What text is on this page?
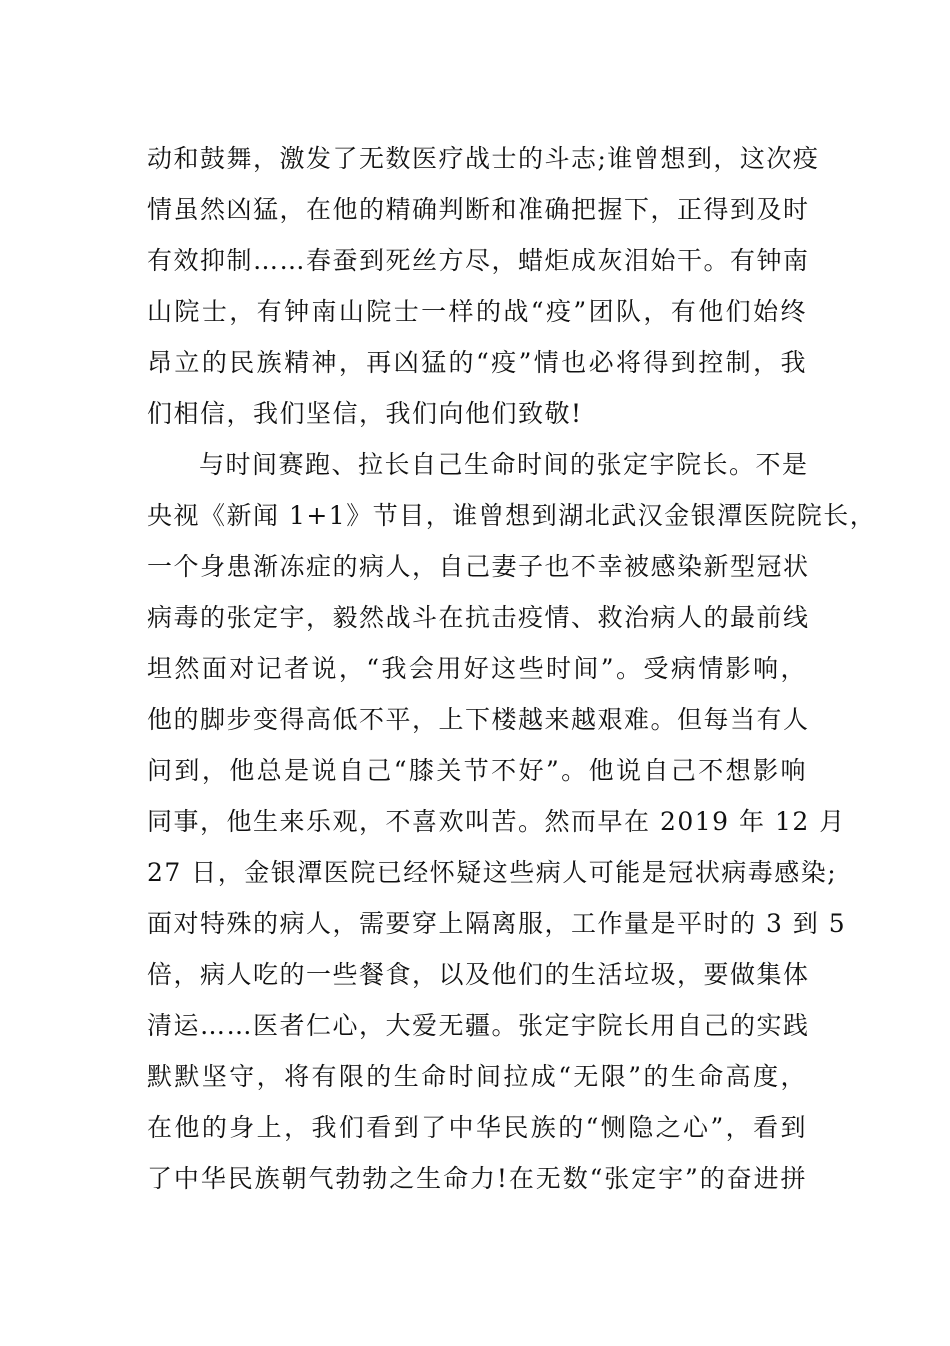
动和鼓舞，激发了无数医疗战士的斗志;谁曾想到，这次疫
情虽然凶猛，在他的精确判断和准确把握下，正得到及时
有效抑制……春蚕到死丝方尽，蜡炬成灰泪始干。有钟南
山院士，有钟南山院士一样的战“疫”团队，有他们始终
昂立的民族精神，再凶猛的“疫”情也必将得到控制，我
们相信，我们坚信，我们向他们致敬!
与时间赛跑、拉长自己生命时间的张定宇院长。不是
央视《新闻 1+1》节目，谁曾想到湖北武汉金银潭医院院长，
一个身患渐冻症的病人，自己妻子也不幸被感染新型冠状
病毒的张定宇，毅然战斗在抗击疫情、救治病人的最前线
坦然面对记者说，“我会用好这些时间”。受病情影响，
他的脚步变得高低不平，上下楼越来越艰难。但每当有人
问到，他总是说自己“膝关节不好”。他说自己不想影响
同事，他生来乐观，不喜欢叫苦。然而早在 2019 年 12 月
27 日，金银潭医院已经怀疑这些病人可能是冠状病毒感染;
面对特殊的病人，需要穿上隔离服，工作量是平时的 3 到 5
倍，病人吃的一些餐食，以及他们的生活垃圾，要做集体
清运……医者仁心，大爱无疆。张定宇院长用自己的实践
默默坚守，将有限的生命时间拉成“无限”的生命高度，
在他的身上，我们看到了中华民族的“恻隐之心”，看到
了中华民族朝气勃勃之生命力!在无数“张定宇”的奋进拼
